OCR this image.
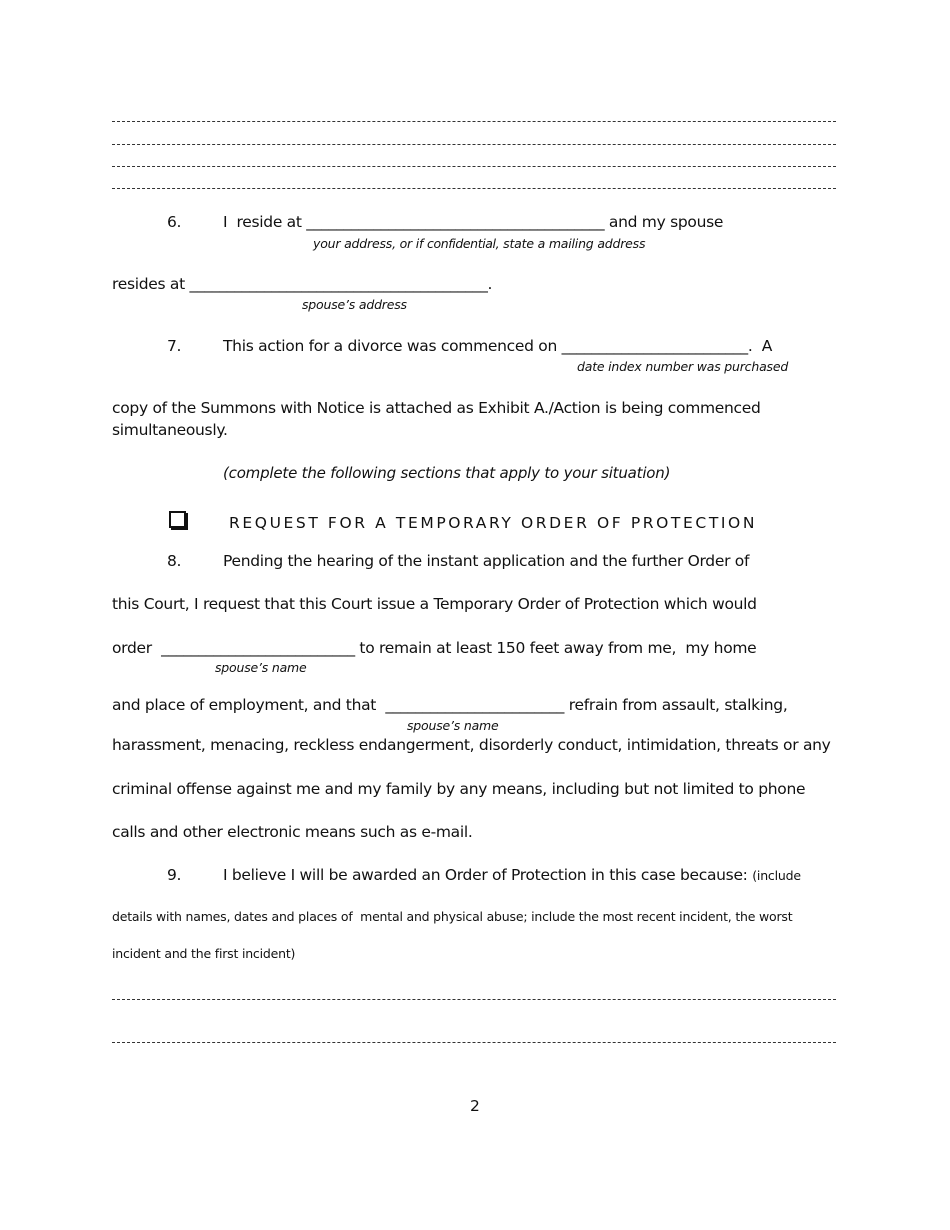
6.	I  reside at ________________________________________ and my spouse
your address, or if confidential, state a mailing address
resides at ________________________________________.
spouse’s address
7.	This action for a divorce was commenced on _________________________.  A
date index number was purchased
copy of the Summons with Notice is attached as Exhibit A./Action is being commenced
simultaneously.
(complete the following sections that apply to your situation)
REQUEST FOR A TEMPORARY ORDER OF PROTECTION
8.	Pending the hearing of the instant application and the further Order of
this Court, I request that this Court issue a Temporary Order of Protection which would
order  __________________________ to remain at least 150 feet away from me,  my home
spouse’s name
and place of employment, and that  ________________________ refrain from assault, stalking,
spouse’s name
harassment, menacing, reckless endangerment, disorderly conduct, intimidation, threats or any
criminal offense against me and my family by any means, including but not limited to phone
calls and other electronic means such as e-mail.
9.	I believe I will be awarded an Order of Protection in this case because: (include
details with names, dates and places of  mental and physical abuse; include the most recent incident, the worst
incident and the first incident)
2
